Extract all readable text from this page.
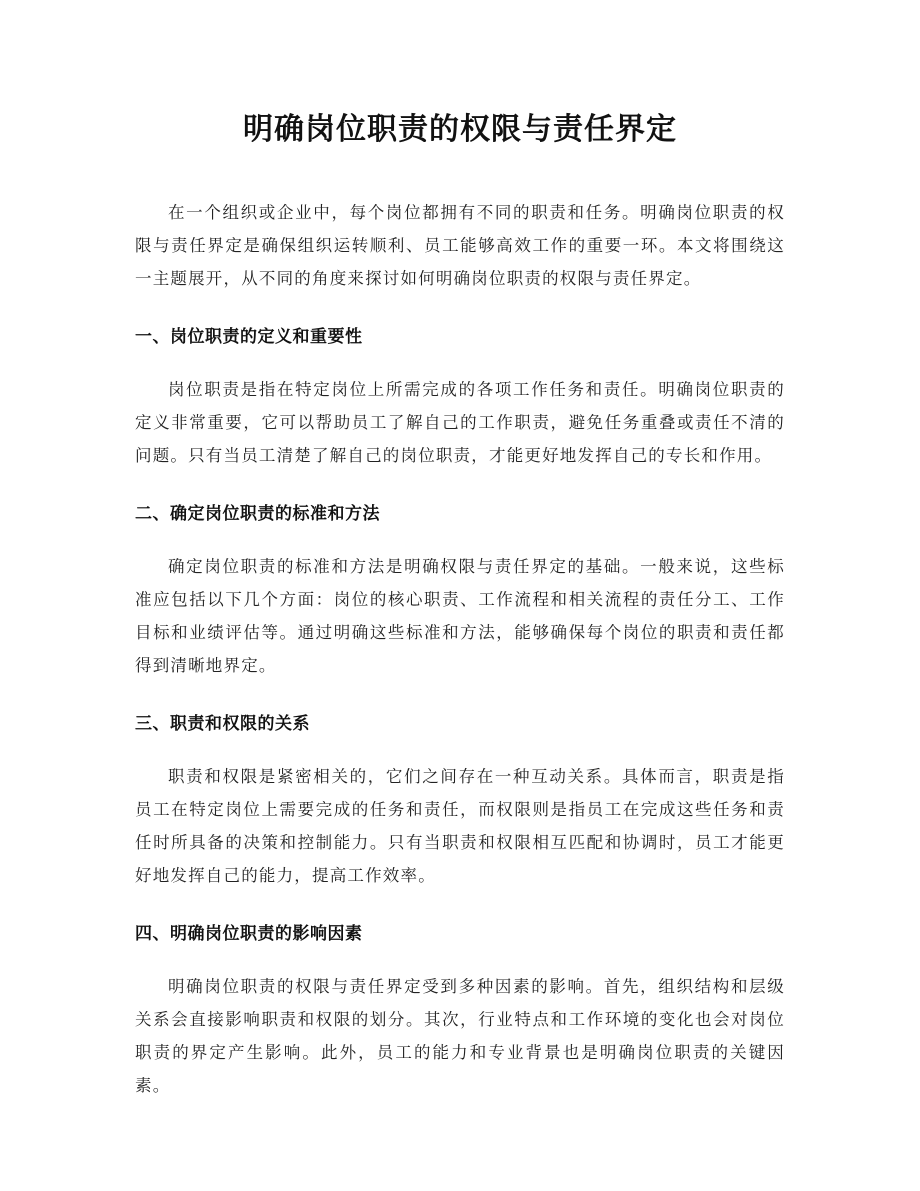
明确岗位职责的权限与责任界定

在一个组织或企业中，每个岗位都拥有不同的职责和任务。明确岗位职责的权限与责任界定是确保组织运转顺利、员工能够高效工作的重要一环。本文将围绕这一主题展开，从不同的角度来探讨如何明确岗位职责的权限与责任界定。

一、岗位职责的定义和重要性

岗位职责是指在特定岗位上所需完成的各项工作任务和责任。明确岗位职责的定义非常重要，它可以帮助员工了解自己的工作职责，避免任务重叠或责任不清的问题。只有当员工清楚了解自己的岗位职责，才能更好地发挥自己的专长和作用。

二、确定岗位职责的标准和方法

确定岗位职责的标准和方法是明确权限与责任界定的基础。一般来说，这些标准应包括以下几个方面：岗位的核心职责、工作流程和相关流程的责任分工、工作目标和业绩评估等。通过明确这些标准和方法，能够确保每个岗位的职责和责任都得到清晰地界定。

三、职责和权限的关系

职责和权限是紧密相关的，它们之间存在一种互动关系。具体而言，职责是指员工在特定岗位上需要完成的任务和责任，而权限则是指员工在完成这些任务和责任时所具备的决策和控制能力。只有当职责和权限相互匹配和协调时，员工才能更好地发挥自己的能力，提高工作效率。

四、明确岗位职责的影响因素

明确岗位职责的权限与责任界定受到多种因素的影响。首先，组织结构和层级关系会直接影响职责和权限的划分。其次，行业特点和工作环境的变化也会对岗位职责的界定产生影响。此外，员工的能力和专业背景也是明确岗位职责的关键因素。
